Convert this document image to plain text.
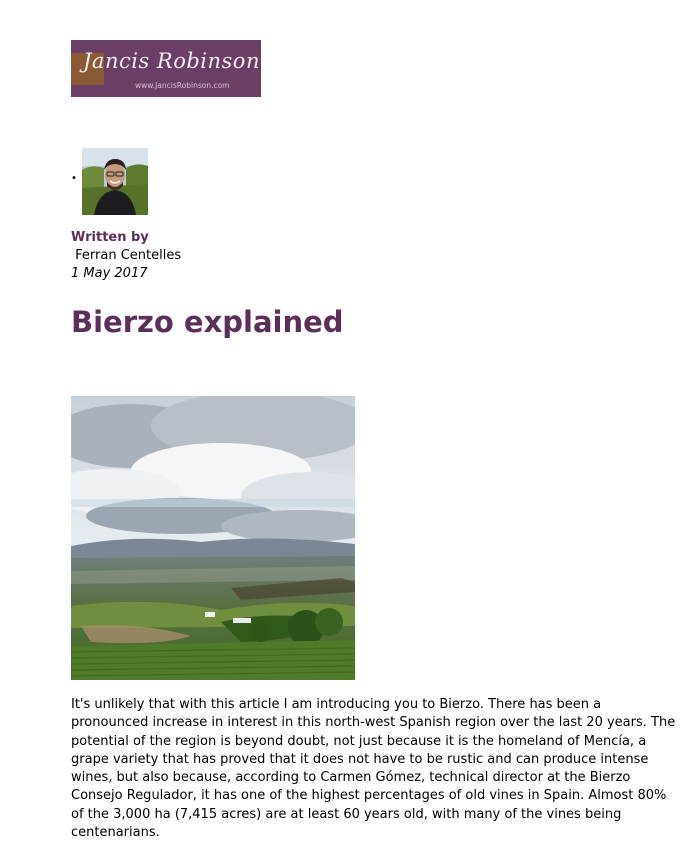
Jancis Robinson
www.JancisRobinson.com
•
Written by
Ferran Centelles
1 May 2017
Bierzo explained

It's unlikely that with this article I am introducing you to Bierzo. There has been a pronounced increase in interest in this north-west Spanish region over the last 20 years. The potential of the region is beyond doubt, not just because it is the homeland of Mencía, a grape variety that has proved that it does not have to be rustic and can produce intense wines, but also because, according to Carmen Gómez, technical director at the Bierzo Consejo Regulador, it has one of the highest percentages of old vines in Spain. Almost 80% of the 3,000 ha (7,415 acres) are at least 60 years old, with many of the vines being centenarians.
